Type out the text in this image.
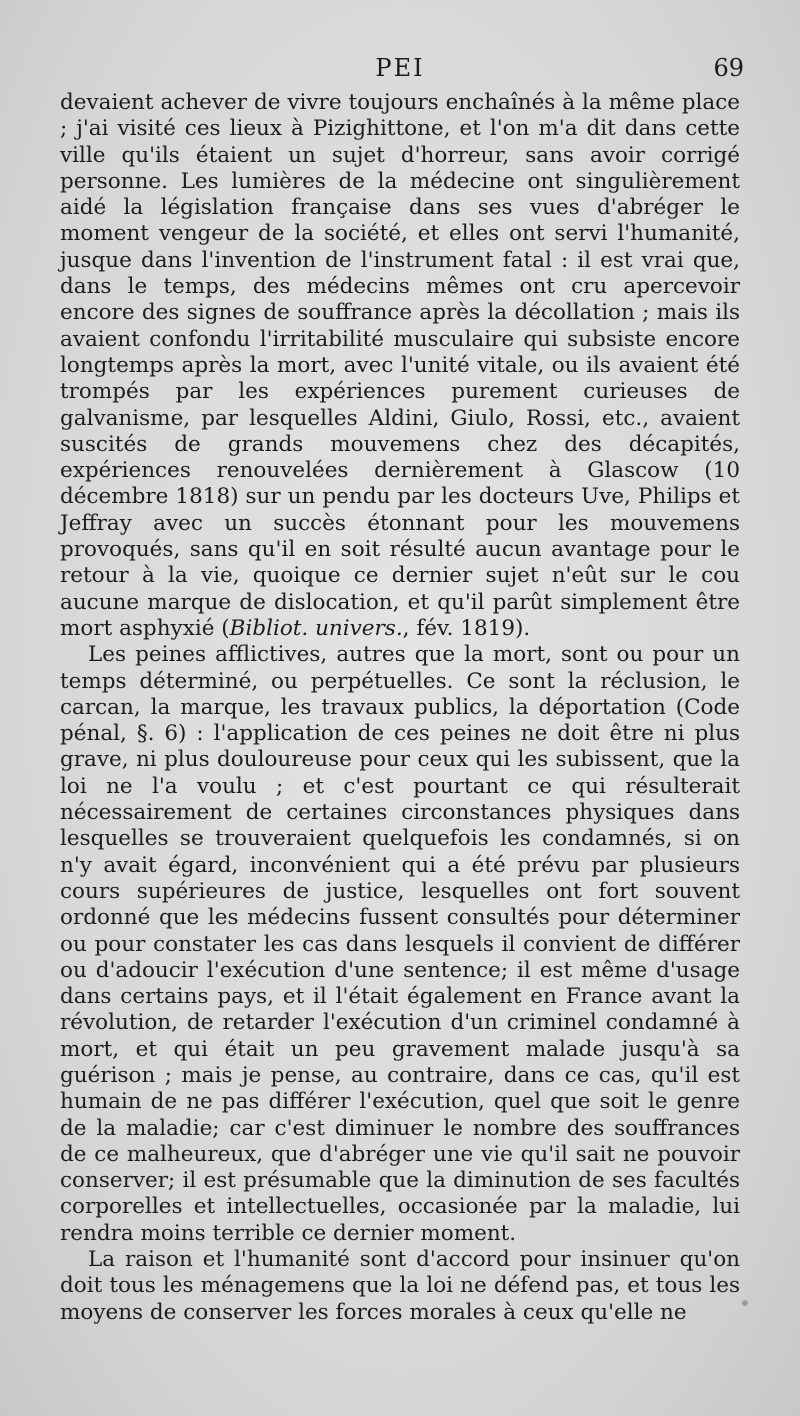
PEI	69

devaient achever de vivre toujours enchaînés à la même place ; j'ai visité ces lieux à Pizighittone, et l'on m'a dit dans cette ville qu'ils étaient un sujet d'horreur, sans avoir corrigé personne. Les lumières de la médecine ont singulièrement aidé la législation française dans ses vues d'abréger le moment vengeur de la société, et elles ont servi l'humanité, jusque dans l'invention de l'instrument fatal : il est vrai que, dans le temps, des médecins mêmes ont cru apercevoir encore des signes de souffrance après la décollation ; mais ils avaient confondu l'irritabilité musculaire qui subsiste encore longtemps après la mort, avec l'unité vitale, ou ils avaient été trompés par les expériences purement curieuses de galvanisme, par lesquelles Aldini, Giulo, Rossi, etc., avaient suscités de grands mouvemens chez des décapités, expériences renouvelées dernièrement à Glascow (10 décembre 1818) sur un pendu par les docteurs Uve, Philips et Jeffray avec un succès étonnant pour les mouvemens provoqués, sans qu'il en soit résulté aucun avantage pour le retour à la vie, quoique ce dernier sujet n'eût sur le cou aucune marque de dislocation, et qu'il parût simplement être mort asphyxié (Bibliot. univers., fév. 1819).

Les peines afflictives, autres que la mort, sont ou pour un temps déterminé, ou perpétuelles. Ce sont la réclusion, le carcan, la marque, les travaux publics, la déportation (Code pénal, §. 6) : l'application de ces peines ne doit être ni plus grave, ni plus douloureuse pour ceux qui les subissent, que la loi ne l'a voulu ; et c'est pourtant ce qui résulterait nécessairement de certaines circonstances physiques dans lesquelles se trouveraient quelquefois les condamnés, si on n'y avait égard, inconvénient qui a été prévu par plusieurs cours supérieures de justice, lesquelles ont fort souvent ordonné que les médecins fussent consultés pour déterminer ou pour constater les cas dans lesquels il convient de différer ou d'adoucir l'exécution d'une sentence; il est même d'usage dans certains pays, et il l'était également en France avant la révolution, de retarder l'exécution d'un criminel condamné à mort, et qui était un peu gravement malade jusqu'à sa guérison ; mais je pense, au contraire, dans ce cas, qu'il est humain de ne pas différer l'exécution, quel que soit le genre de la maladie; car c'est diminuer le nombre des souffrances de ce malheureux, que d'abréger une vie qu'il sait ne pouvoir conserver; il est présumable que la diminution de ses facultés corporelles et intellectuelles, occasionée par la maladie, lui rendra moins terrible ce dernier moment.

La raison et l'humanité sont d'accord pour insinuer qu'on doit tous les ménagemens que la loi ne défend pas, et tous les moyens de conserver les forces morales à ceux qu'elle ne
